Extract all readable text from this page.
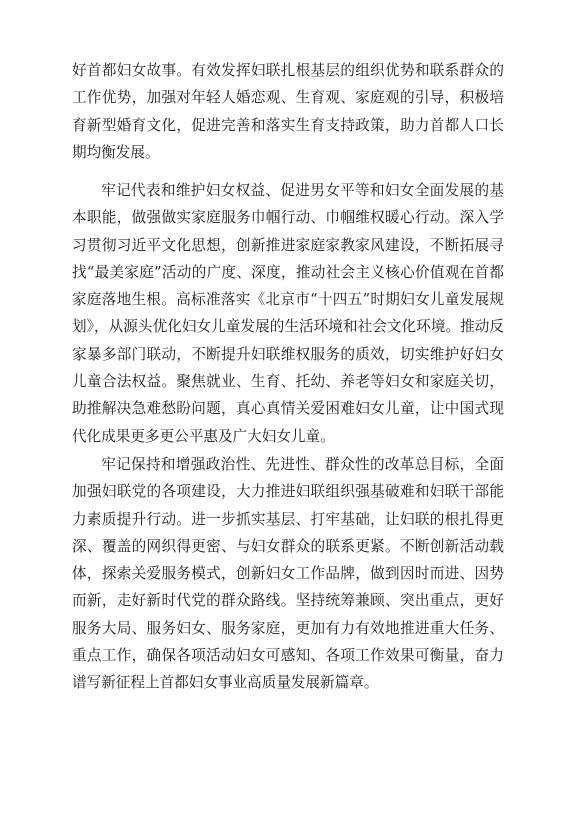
好首都妇女故事。有效发挥妇联扎根基层的组织优势和联系群众的工作优势，加强对年轻人婚恋观、生育观、家庭观的引导，积极培育新型婚育文化，促进完善和落实生育支持政策，助力首都人口长期均衡发展。

牢记代表和维护妇女权益、促进男女平等和妇女全面发展的基本职能，做强做实家庭服务巾帼行动、巾帼维权暖心行动。深入学习贯彻习近平文化思想，创新推进家庭家教家风建设，不断拓展寻找“最美家庭”活动的广度、深度，推动社会主义核心价值观在首都家庭落地生根。高标准落实《北京市“十四五”时期妇女儿童发展规划》，从源头优化妇女儿童发展的生活环境和社会文化环境。推动反家暴多部门联动，不断提升妇联维权服务的质效，切实维护好妇女儿童合法权益。聚焦就业、生育、托幼、养老等妇女和家庭关切，助推解决急难愁盼问题，真心真情关爱困难妇女儿童，让中国式现代化成果更多更公平惠及广大妇女儿童。

牢记保持和增强政治性、先进性、群众性的改革总目标，全面加强妇联党的各项建设，大力推进妇联组织强基破难和妇联干部能力素质提升行动。进一步抓实基层、打牢基础，让妇联的根扎得更深、覆盖的网织得更密、与妇女群众的联系更紧。不断创新活动载体，探索关爱服务模式，创新妇女工作品牌，做到因时而进、因势而新，走好新时代党的群众路线。坚持统筹兼顾、突出重点，更好服务大局、服务妇女、服务家庭，更加有力有效地推进重大任务、重点工作，确保各项活动妇女可感知、各项工作效果可衡量，奋力谱写新征程上首都妇女事业高质量发展新篇章。
